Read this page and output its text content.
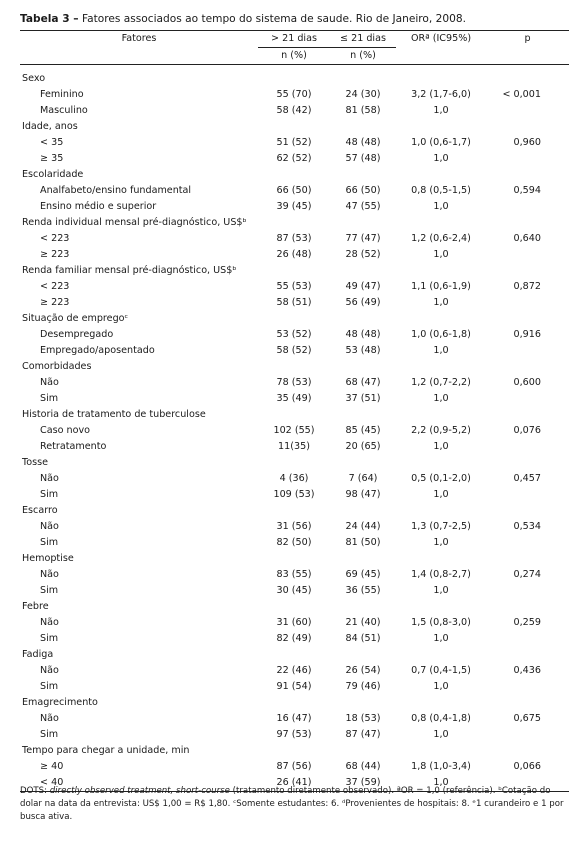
Tabela 3 – Fatores associados ao tempo do sistema de saude. Rio de Janeiro, 2008.
Fatores	> 21 dias	≤ 21 dias	ORª (IC95%)	p
	n (%)	n (%)		

Sexo				
Feminino	55 (70)	24 (30)	3,2 (1,7-6,0)	< 0,001
Masculino	58 (42)	81 (58)	1,0	
Idade, anos				
< 35	51 (52)	48 (48)	1,0 (0,6-1,7)	0,960
≥ 35	62 (52)	57 (48)	1,0	
Escolaridade				
Analfabeto/ensino fundamental	66 (50)	66 (50)	0,8 (0,5-1,5)	0,594
Ensino médio e superior	39 (45)	47 (55)	1,0	
Renda individual mensal pré-diagnóstico, US$ᵇ				
< 223	87 (53)	77 (47)	1,2 (0,6-2,4)	0,640
≥ 223	26 (48)	28 (52)	1,0	
Renda familiar mensal pré-diagnóstico, US$ᵇ				
< 223	55 (53)	49 (47)	1,1 (0,6-1,9)	0,872
≥ 223	58 (51)	56 (49)	1,0	
Situação de empregoᶜ				
Desempregado	53 (52)	48 (48)	1,0 (0,6-1,8)	0,916
Empregado/aposentado	58 (52)	53 (48)	1,0	
Comorbidades				
Não	78 (53)	68 (47)	1,2 (0,7-2,2)	0,600
Sim	35 (49)	37 (51)	1,0	
Historia de tratamento de tuberculose				
Caso novo	102 (55)	85 (45)	2,2 (0,9-5,2)	0,076
Retratamento	11(35)	20 (65)	1,0	
Tosse				
Não	4 (36)	7 (64)	0,5 (0,1-2,0)	0,457
Sim	109 (53)	98 (47)	1,0	
Escarro				
Não	31 (56)	24 (44)	1,3 (0,7-2,5)	0,534
Sim	82 (50)	81 (50)	1,0	
Hemoptise				
Não	83 (55)	69 (45)	1,4 (0,8-2,7)	0,274
Sim	30 (45)	36 (55)	1,0	
Febre				
Não	31 (60)	21 (40)	1,5 (0,8-3,0)	0,259
Sim	82 (49)	84 (51)	1,0	
Fadiga				
Não	22 (46)	26 (54)	0,7 (0,4-1,5)	0,436
Sim	91 (54)	79 (46)	1,0	
Emagrecimento				
Não	16 (47)	18 (53)	0,8 (0,4-1,8)	0,675
Sim	97 (53)	87 (47)	1,0	
Tempo para chegar a unidade, min				
≥ 40	87 (56)	68 (44)	1,8 (1,0-3,4)	0,066
< 40	26 (41)	37 (59)	1,0	
DOTS: directly observed treatment, short-course (tratamento diretamente observado). ªOR = 1,0 (referência). ᵇCotação do dolar na data da entrevista: US$ 1,00 = R$ 1,80. ᶜSomente estudantes: 6. ᵈProvenientes de hospitais: 8. ᵉ1 curandeiro e 1 por busca ativa.
